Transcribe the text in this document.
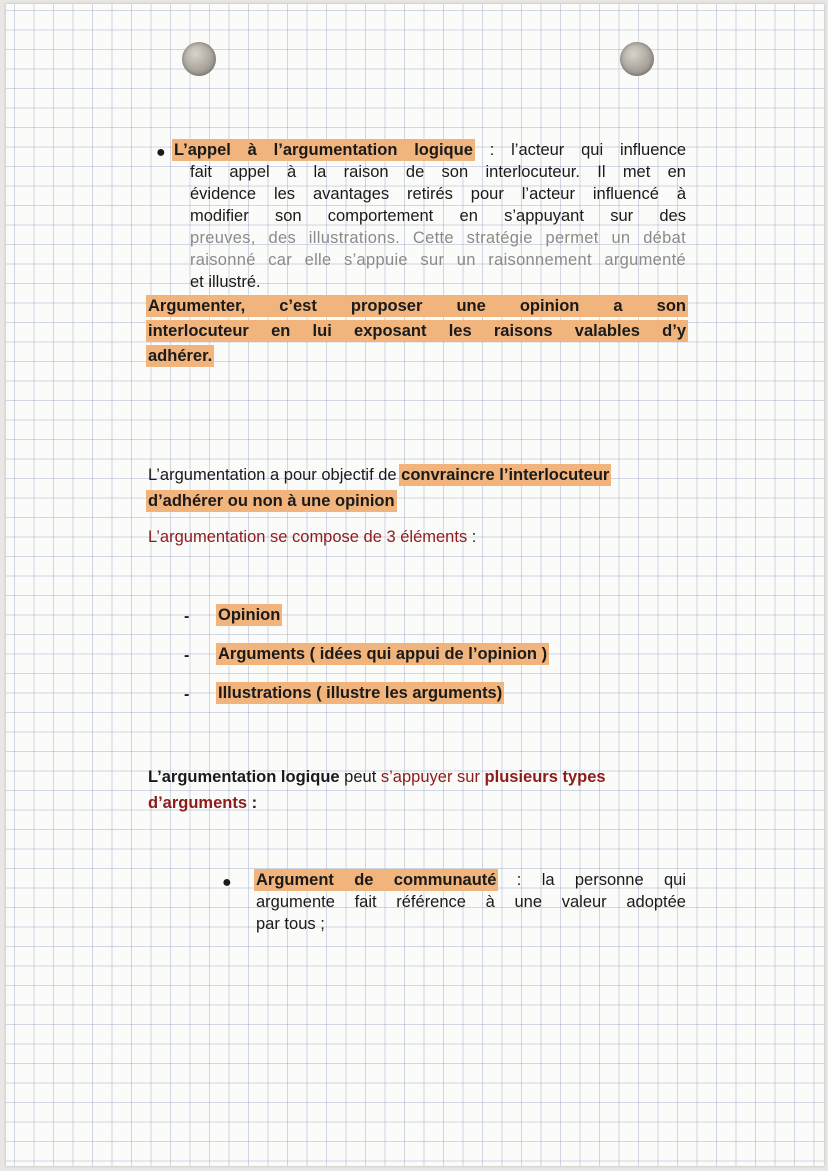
● L’appel à l’argumentation logique : l’acteur qui influence
fait appel à la raison de son interlocuteur. Il met en
évidence les avantages retirés pour l’acteur influencé à
modifier son comportement en s’appuyant sur des
preuves, des illustrations. Cette stratégie permet un débat
raisonné car elle s’appuie sur un raisonnement argumenté
et illustré.
Argumenter, c’est proposer une opinion a son
interlocuteur en lui exposant les raisons valables d’y
adhérer.
L’argumentation a pour objectif de convraincre l’interlocuteur
d’adhérer ou non à une opinion
L’argumentation se compose de 3 éléments :
- Opinion
- Arguments ( idées qui appui de l’opinion )
- Illustrations ( illustre les arguments)
L’argumentation logique peut s’appuyer sur plusieurs types
d’arguments :
● Argument de communauté : la personne qui
argumente fait référence à une valeur adoptée
par tous ;
